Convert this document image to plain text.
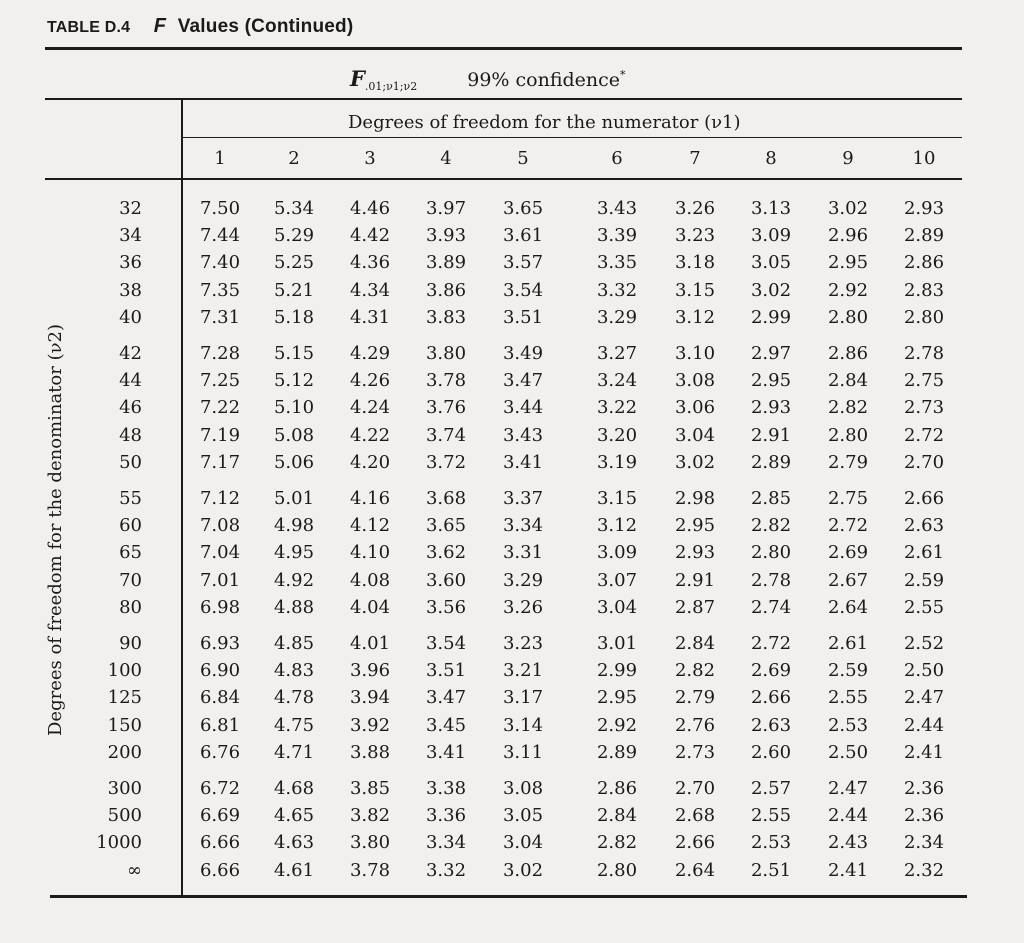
TABLE D.4 F Values (Continued)
$F_{.01;\nu 1;\nu 2}$	99% confidence*
Degrees of freedom for the numerator (ν1)
Degrees of freedom for the denominator (ν2)
1	2	3	4	5	6	7	8	9	10
32	7.50	5.34	4.46	3.97	3.65	3.43	3.26	3.13	3.02	2.93
34	7.44	5.29	4.42	3.93	3.61	3.39	3.23	3.09	2.96	2.89
36	7.40	5.25	4.36	3.89	3.57	3.35	3.18	3.05	2.95	2.86
38	7.35	5.21	4.34	3.86	3.54	3.32	3.15	3.02	2.92	2.83
40	7.31	5.18	4.31	3.83	3.51	3.29	3.12	2.99	2.80	2.80
42	7.28	5.15	4.29	3.80	3.49	3.27	3.10	2.97	2.86	2.78
44	7.25	5.12	4.26	3.78	3.47	3.24	3.08	2.95	2.84	2.75
46	7.22	5.10	4.24	3.76	3.44	3.22	3.06	2.93	2.82	2.73
48	7.19	5.08	4.22	3.74	3.43	3.20	3.04	2.91	2.80	2.72
50	7.17	5.06	4.20	3.72	3.41	3.19	3.02	2.89	2.79	2.70
55	7.12	5.01	4.16	3.68	3.37	3.15	2.98	2.85	2.75	2.66
60	7.08	4.98	4.12	3.65	3.34	3.12	2.95	2.82	2.72	2.63
65	7.04	4.95	4.10	3.62	3.31	3.09	2.93	2.80	2.69	2.61
70	7.01	4.92	4.08	3.60	3.29	3.07	2.91	2.78	2.67	2.59
80	6.98	4.88	4.04	3.56	3.26	3.04	2.87	2.74	2.64	2.55
90	6.93	4.85	4.01	3.54	3.23	3.01	2.84	2.72	2.61	2.52
100	6.90	4.83	3.96	3.51	3.21	2.99	2.82	2.69	2.59	2.50
125	6.84	4.78	3.94	3.47	3.17	2.95	2.79	2.66	2.55	2.47
150	6.81	4.75	3.92	3.45	3.14	2.92	2.76	2.63	2.53	2.44
200	6.76	4.71	3.88	3.41	3.11	2.89	2.73	2.60	2.50	2.41
300	6.72	4.68	3.85	3.38	3.08	2.86	2.70	2.57	2.47	2.36
500	6.69	4.65	3.82	3.36	3.05	2.84	2.68	2.55	2.44	2.36
1000	6.66	4.63	3.80	3.34	3.04	2.82	2.66	2.53	2.43	2.34
∞	6.66	4.61	3.78	3.32	3.02	2.80	2.64	2.51	2.41	2.32
